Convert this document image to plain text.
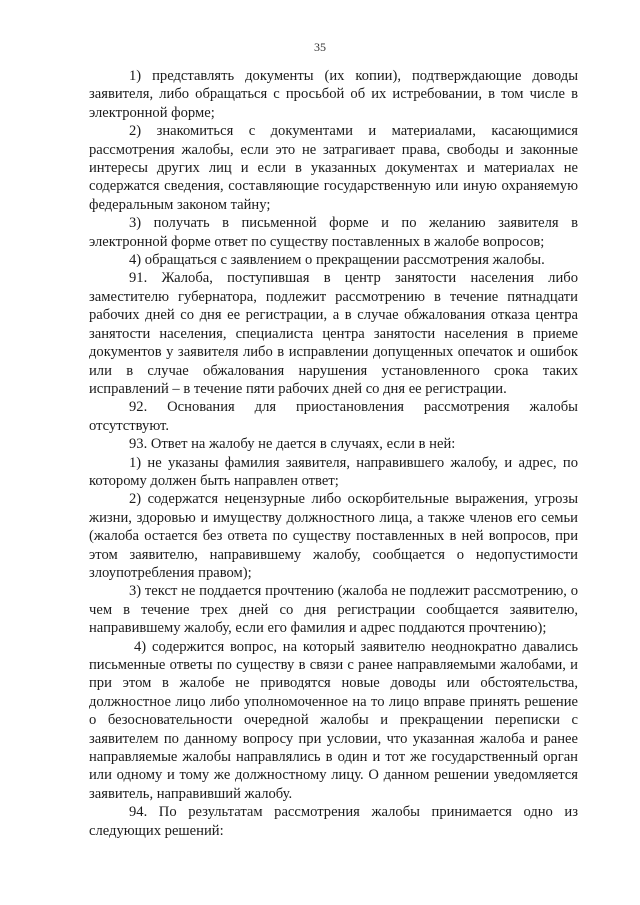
35

1) представлять документы (их копии), подтверждающие доводы заявителя, либо обращаться с просьбой об их истребовании, в том числе в электронной форме;

2) знакомиться с документами и материалами, касающимися рассмотрения жалобы, если это не затрагивает права, свободы и законные интересы других лиц и если в указанных документах и материалах не содержатся сведения, составляющие государственную или иную охраняемую федеральным законом тайну;

3) получать в письменной форме и по желанию заявителя в электронной форме ответ по существу поставленных в жалобе вопросов;

4) обращаться с заявлением о прекращении рассмотрения жалобы.

91. Жалоба, поступившая в центр занятости населения либо заместителю губернатора, подлежит рассмотрению в течение пятнадцати рабочих дней со дня ее регистрации, а в случае обжалования отказа центра занятости населения, специалиста центра занятости населения в приеме документов у заявителя либо в исправлении допущенных опечаток и ошибок или в случае обжалования нарушения установленного срока таких исправлений – в течение пяти рабочих дней со дня ее регистрации.

92. Основания для приостановления рассмотрения жалобы отсутствуют.

93. Ответ на жалобу не дается в случаях, если в ней:

1) не указаны фамилия заявителя, направившего жалобу, и адрес, по которому должен быть направлен ответ;

2) содержатся нецензурные либо оскорбительные выражения, угрозы жизни, здоровью и имуществу должностного лица, а также членов его семьи (жалоба остается без ответа по существу поставленных в ней вопросов, при этом заявителю, направившему жалобу, сообщается о недопустимости злоупотребления правом);

3) текст не поддается прочтению (жалоба не подлежит рассмотрению, о чем в течение трех дней со дня регистрации сообщается заявителю, направившему жалобу, если его фамилия и адрес поддаются прочтению);

4) содержится вопрос, на который заявителю неоднократно давались письменные ответы по существу в связи с ранее направляемыми жалобами, и при этом в жалобе не приводятся новые доводы или обстоятельства, должностное лицо либо уполномоченное на то лицо вправе принять решение о безосновательности очередной жалобы и прекращении переписки с заявителем по данному вопросу при условии, что указанная жалоба и ранее направляемые жалобы направлялись в один и тот же государственный орган или одному и тому же должностному лицу. О данном решении уведомляется заявитель, направивший жалобу.

94. По результатам рассмотрения жалобы принимается одно из следующих решений:
